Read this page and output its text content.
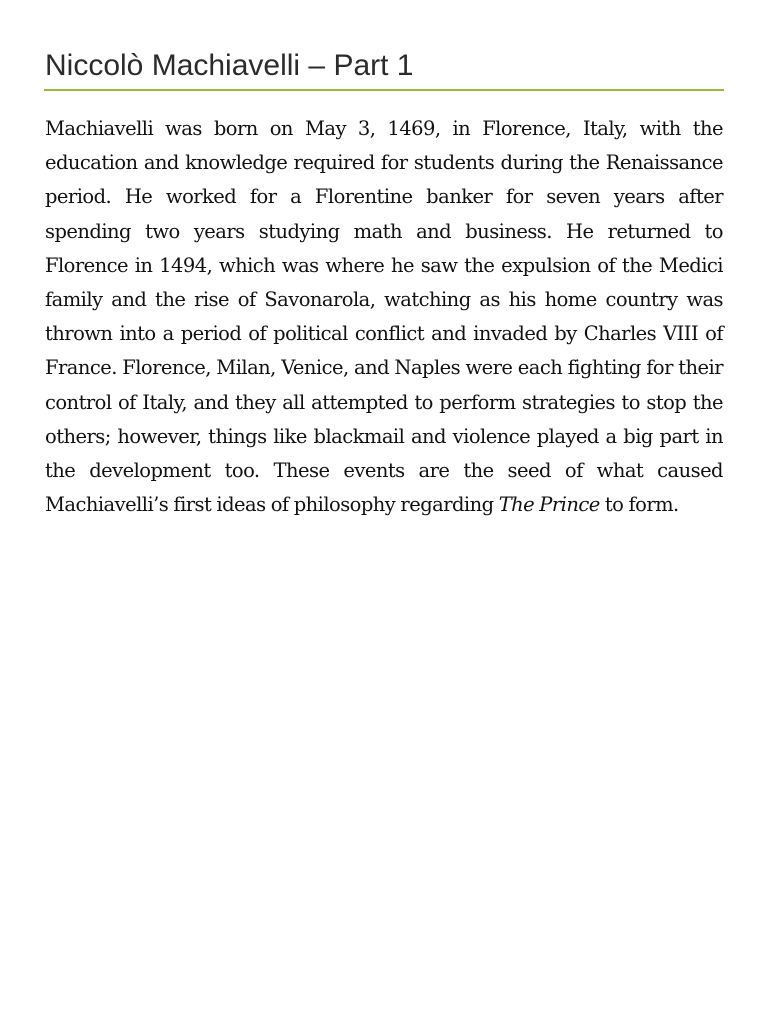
Niccolò Machiavelli – Part 1

Machiavelli was born on May 3, 1469, in Florence, Italy, with the education and knowledge required for students during the Renaissance period. He worked for a Florentine banker for seven years after spending two years studying math and business. He returned to Florence in 1494, which was where he saw the expulsion of the Medici family and the rise of Savonarola, watching as his home country was thrown into a period of political conflict and invaded by Charles VIII of France. Florence, Milan, Venice, and Naples were each fighting for their control of Italy, and they all attempted to perform strategies to stop the others; however, things like blackmail and violence played a big part in the development too. These events are the seed of what caused Machiavelli’s first ideas of philosophy regarding The Prince to form.
